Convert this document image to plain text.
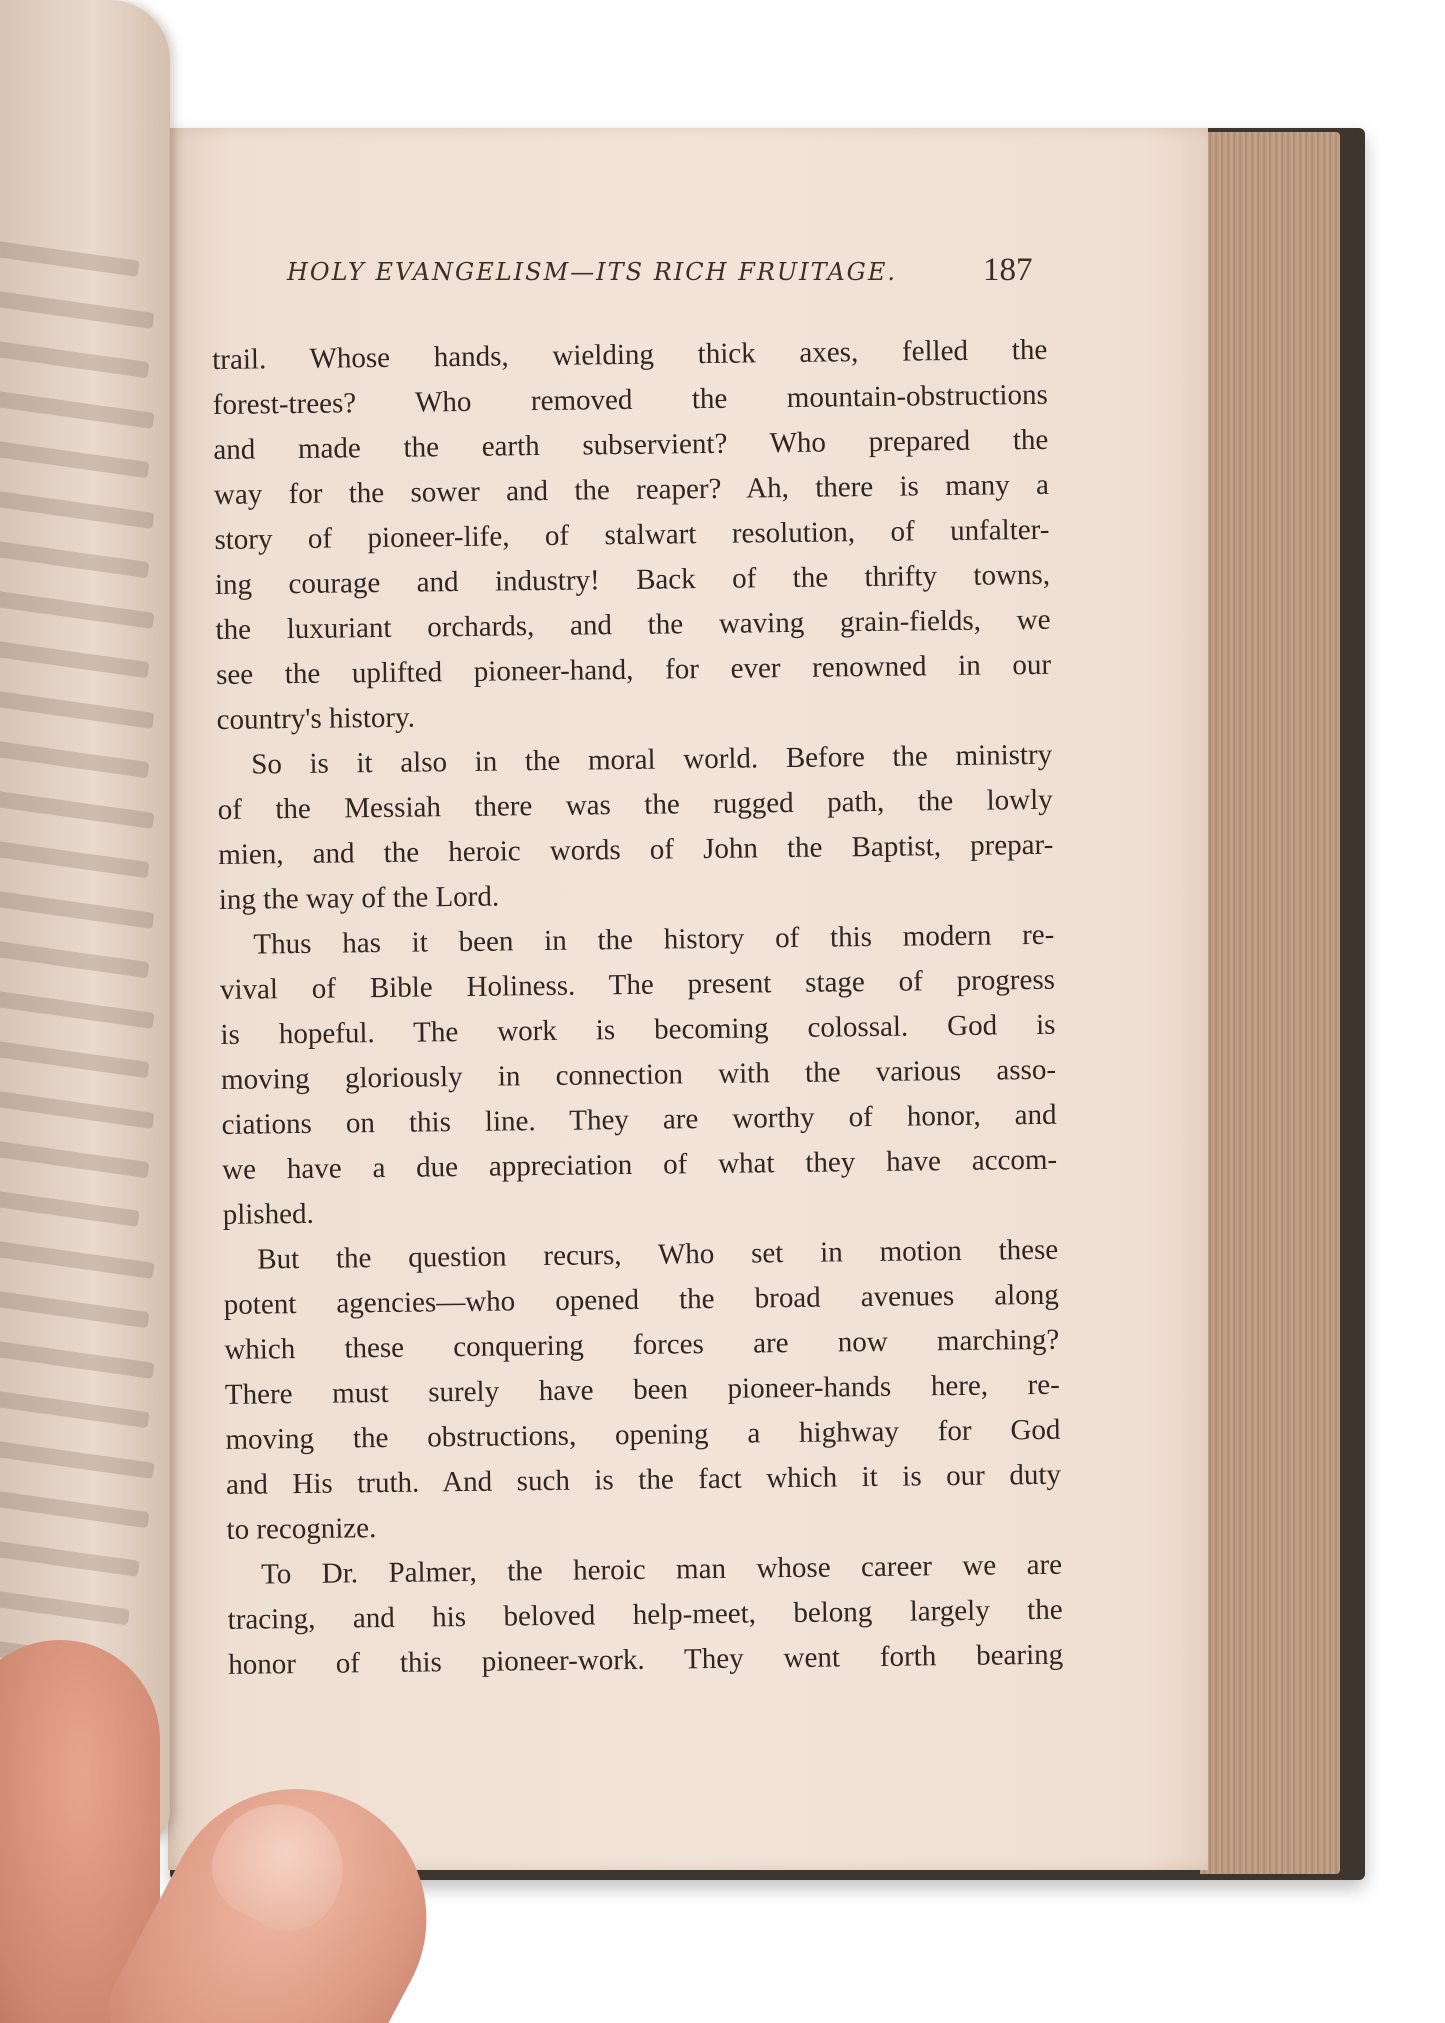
HOLY EVANGELISM—ITS RICH FRUITAGE.	187
trail. Whose hands, wielding thick axes, felled the
forest-trees? Who removed the mountain-obstructions
and made the earth subservient? Who prepared the
way for the sower and the reaper? Ah, there is many a
story of pioneer-life, of stalwart resolution, of unfalter-
ing courage and industry! Back of the thrifty towns,
the luxuriant orchards, and the waving grain-fields, we
see the uplifted pioneer-hand, for ever renowned in our
country's history.
So is it also in the moral world. Before the ministry
of the Messiah there was the rugged path, the lowly
mien, and the heroic words of John the Baptist, prepar-
ing the way of the Lord.
Thus has it been in the history of this modern re-
vival of Bible Holiness. The present stage of progress
is hopeful. The work is becoming colossal. God is
moving gloriously in connection with the various asso-
ciations on this line. They are worthy of honor, and
we have a due appreciation of what they have accom-
plished.
But the question recurs, Who set in motion these
potent agencies—who opened the broad avenues along
which these conquering forces are now marching?
There must surely have been pioneer-hands here, re-
moving the obstructions, opening a highway for God
and His truth. And such is the fact which it is our duty
to recognize.
To Dr. Palmer, the heroic man whose career we are
tracing, and his beloved help-meet, belong largely the
honor of this pioneer-work. They went forth bearing
